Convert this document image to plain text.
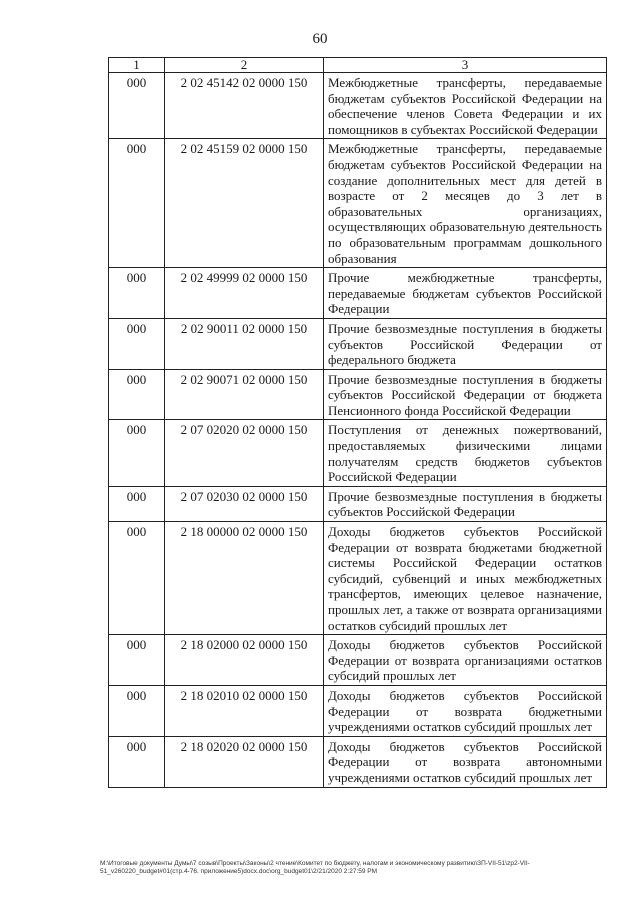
60
1	2	3
000	2 02 45142 02 0000 150	Межбюджетные трансферты, передаваемые бюджетам субъектов Российской Федерации на обеспечение членов Совета Федерации и их помощников в субъектах Российской Федерации
000	2 02 45159 02 0000 150	Межбюджетные трансферты, передаваемые бюджетам субъектов Российской Федерации на создание дополнительных мест для детей в возрасте от 2 месяцев до 3 лет в образовательных организациях, осуществляющих образовательную деятельность по образовательным программам дошкольного образования
000	2 02 49999 02 0000 150	Прочие межбюджетные трансферты, передаваемые бюджетам субъектов Российской Федерации
000	2 02 90011 02 0000 150	Прочие безвозмездные поступления в бюджеты субъектов Российской Федерации от федерального бюджета
000	2 02 90071 02 0000 150	Прочие безвозмездные поступления в бюджеты субъектов Российской Федерации от бюджета Пенсионного фонда Российской Федерации
000	2 07 02020 02 0000 150	Поступления от денежных пожертвований, предоставляемых физическими лицами получателям средств бюджетов субъектов Российской Федерации
000	2 07 02030 02 0000 150	Прочие безвозмездные поступления в бюджеты субъектов Российской Федерации
000	2 18 00000 02 0000 150	Доходы бюджетов субъектов Российской Федерации от возврата бюджетами бюджетной системы Российской Федерации остатков субсидий, субвенций и иных межбюджетных трансфертов, имеющих целевое назначение, прошлых лет, а также от возврата организациями остатков субсидий прошлых лет
000	2 18 02000 02 0000 150	Доходы бюджетов субъектов Российской Федерации от возврата организациями остатков субсидий прошлых лет
000	2 18 02010 02 0000 150	Доходы бюджетов субъектов Российской Федерации от возврата бюджетными учреждениями остатков субсидий прошлых лет
000	2 18 02020 02 0000 150	Доходы бюджетов субъектов Российской Федерации от возврата автономными учреждениями остатков субсидий прошлых лет
М:\Итоговые документы Думы\7 созыв\Проекты\Законы\2 чтение\Комитет по бюджету, налогам и экономическому развитию\ЗП-VII-51\zp2-VII-
51_v260220_budget#01(стр.4-76. приложение5)docx.doc\org_budget01\2/21/2020 2:27:59 PM
